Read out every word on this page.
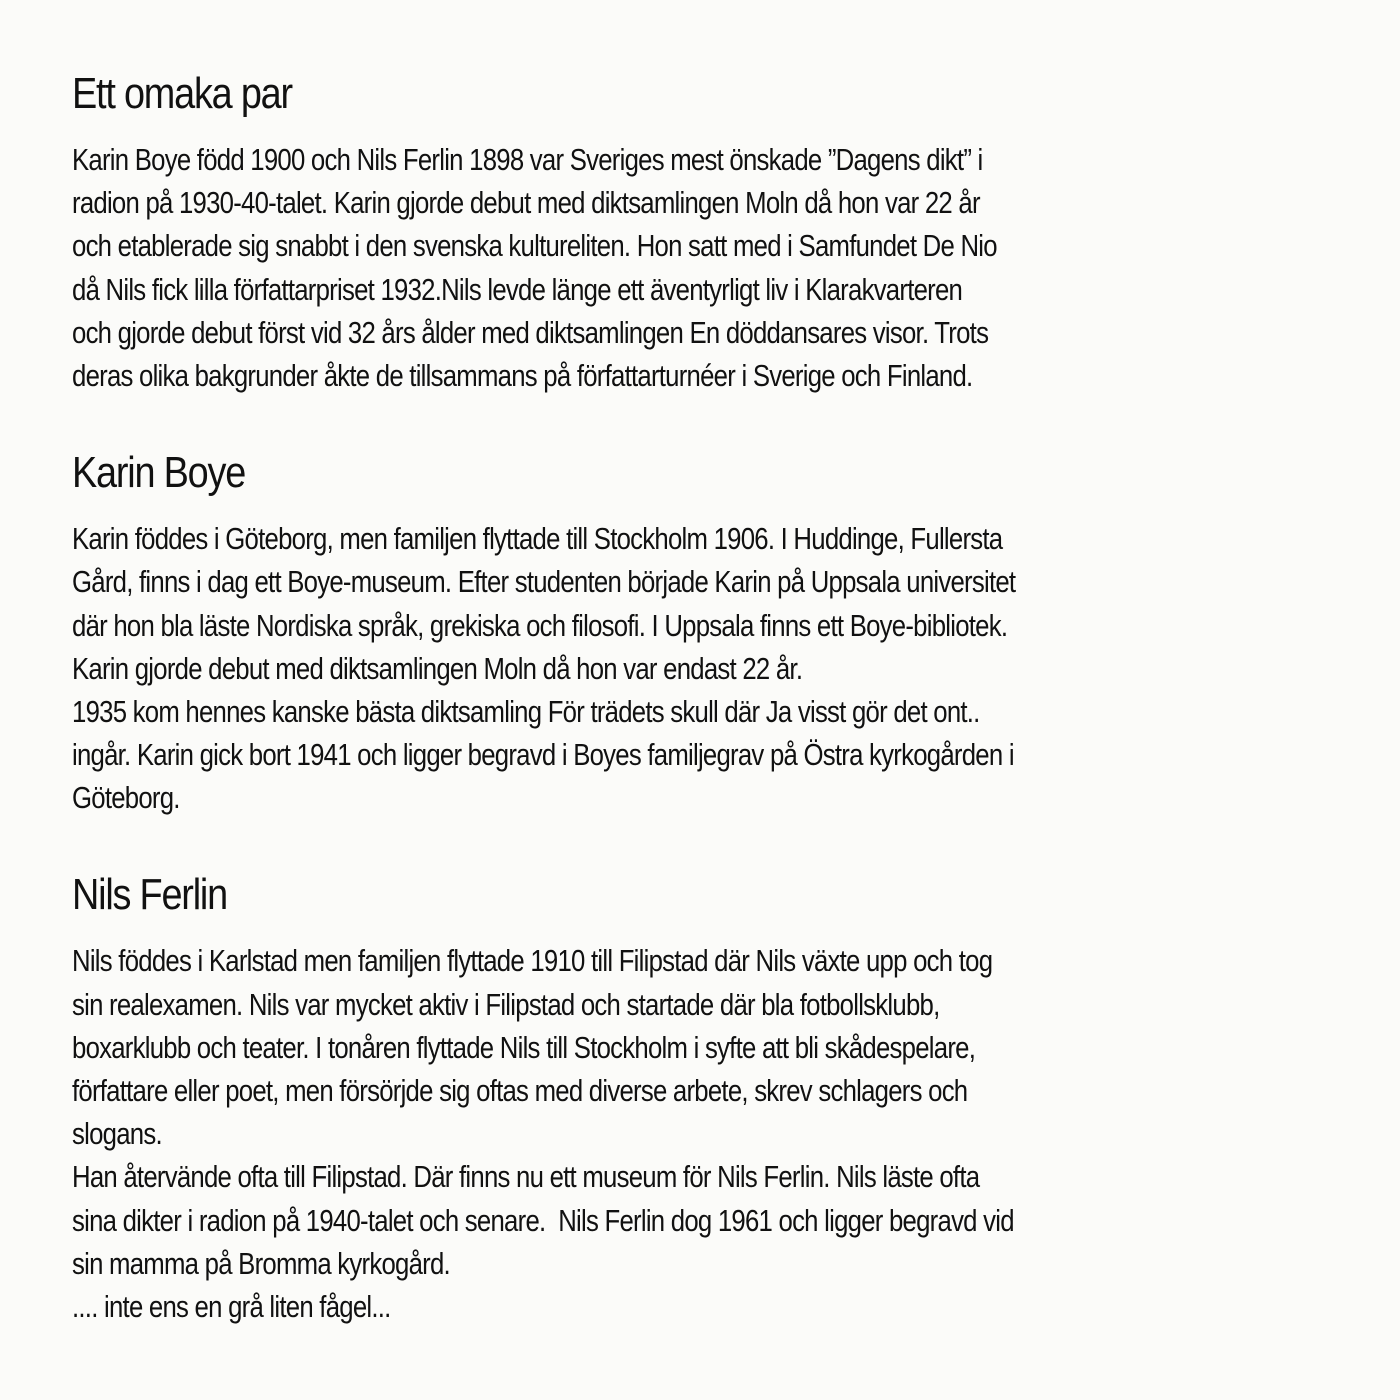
Ett omaka par
Karin Boye född 1900 och Nils Ferlin 1898 var Sveriges mest önskade ”Dagens dikt” i
radion på 1930-40-talet. Karin gjorde debut med diktsamlingen Moln då hon var 22 år
och etablerade sig snabbt i den svenska kultureliten. Hon satt med i Samfundet De Nio
då Nils fick lilla författarpriset 1932.Nils levde länge ett äventyrligt liv i Klarakvarteren
och gjorde debut först vid 32 års ålder med diktsamlingen En döddansares visor. Trots
deras olika bakgrunder åkte de tillsammans på författarturnéer i Sverige och Finland.
Karin Boye
Karin föddes i Göteborg, men familjen flyttade till Stockholm 1906. I Huddinge, Fullersta
Gård, finns i dag ett Boye-museum. Efter studenten började Karin på Uppsala universitet
där hon bla läste Nordiska språk, grekiska och filosofi. I Uppsala finns ett Boye-bibliotek.
Karin gjorde debut med diktsamlingen Moln då hon var endast 22 år.
1935 kom hennes kanske bästa diktsamling För trädets skull där Ja visst gör det ont..
ingår. Karin gick bort 1941 och ligger begravd i Boyes familjegrav på Östra kyrkogården i
Göteborg.
Nils Ferlin
Nils föddes i Karlstad men familjen flyttade 1910 till Filipstad där Nils växte upp och tog
sin realexamen. Nils var mycket aktiv i Filipstad och startade där bla fotbollsklubb,
boxarklubb och teater. I tonåren flyttade Nils till Stockholm i syfte att bli skådespelare,
författare eller poet, men försörjde sig oftas med diverse arbete, skrev schlagers och
slogans.
Han återvände ofta till Filipstad. Där finns nu ett museum för Nils Ferlin. Nils läste ofta
sina dikter i radion på 1940-talet och senare.  Nils Ferlin dog 1961 och ligger begravd vid
sin mamma på Bromma kyrkogård.
.... inte ens en grå liten fågel...
